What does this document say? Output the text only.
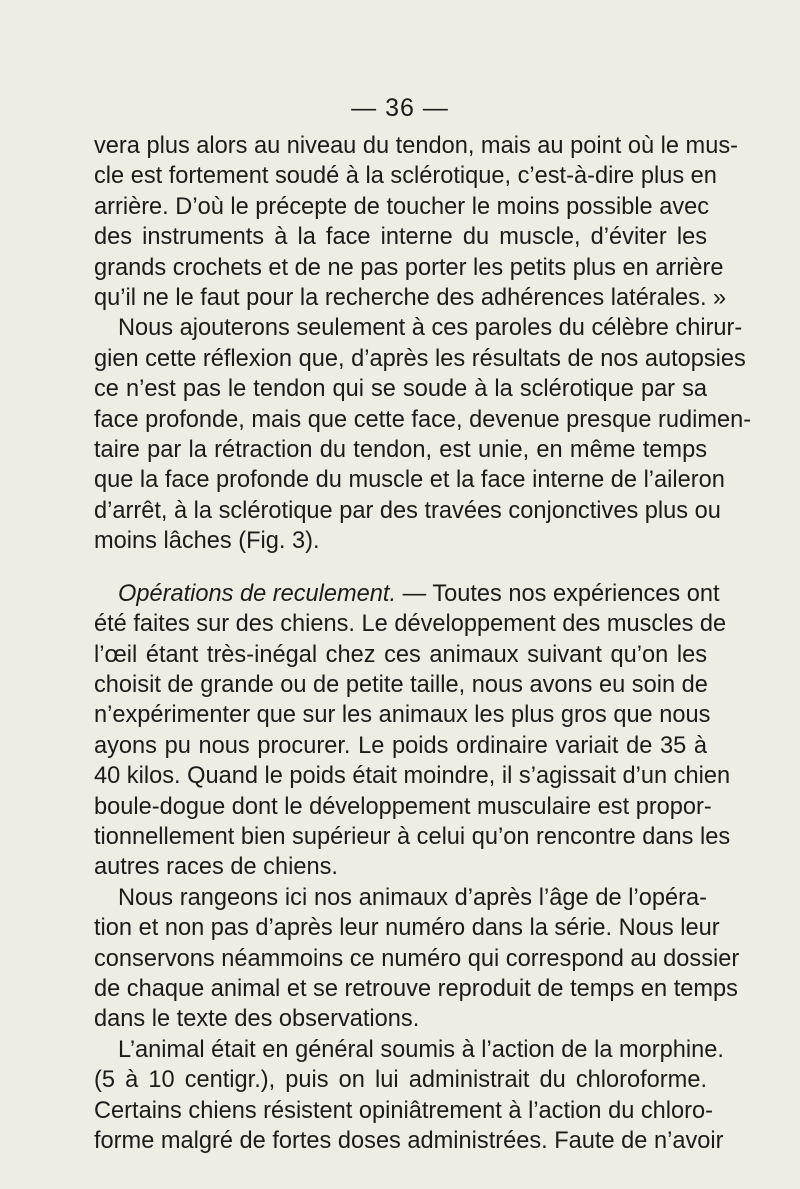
— 36 —
vera plus alors au niveau du tendon, mais au point où le mus-
cle est fortement soudé à la sclérotique, c’est-à-dire plus en
arrière. D’où le précepte de toucher le moins possible avec
des instruments à la face interne du muscle, d’éviter les
grands crochets et de ne pas porter les petits plus en arrière
qu’il ne le faut pour la recherche des adhérences latérales. »
Nous ajouterons seulement à ces paroles du célèbre chirur-
gien cette réflexion que, d’après les résultats de nos autopsies
ce n’est pas le tendon qui se soude à la sclérotique par sa
face profonde, mais que cette face, devenue presque rudimen-
taire par la rétraction du tendon, est unie, en même temps
que la face profonde du muscle et la face interne de l’aileron
d’arrêt, à la sclérotique par des travées conjonctives plus ou
moins lâches (Fig. 3).
Opérations de reculement. — Toutes nos expériences ont
été faites sur des chiens. Le développement des muscles de
l’œil étant très-inégal chez ces animaux suivant qu’on les
choisit de grande ou de petite taille, nous avons eu soin de
n’expérimenter que sur les animaux les plus gros que nous
ayons pu nous procurer. Le poids ordinaire variait de 35 à
40 kilos. Quand le poids était moindre, il s’agissait d’un chien
boule-dogue dont le développement musculaire est propor-
tionnellement bien supérieur à celui qu’on rencontre dans les
autres races de chiens.
Nous rangeons ici nos animaux d’après l’âge de l’opéra-
tion et non pas d’après leur numéro dans la série. Nous leur
conservons néammoins ce numéro qui correspond au dossier
de chaque animal et se retrouve reproduit de temps en temps
dans le texte des observations.
L’animal était en général soumis à l’action de la morphine.
(5 à 10 centigr.), puis on lui administrait du chloroforme.
Certains chiens résistent opiniâtrement à l’action du chloro-
forme malgré de fortes doses administrées. Faute de n’avoir
